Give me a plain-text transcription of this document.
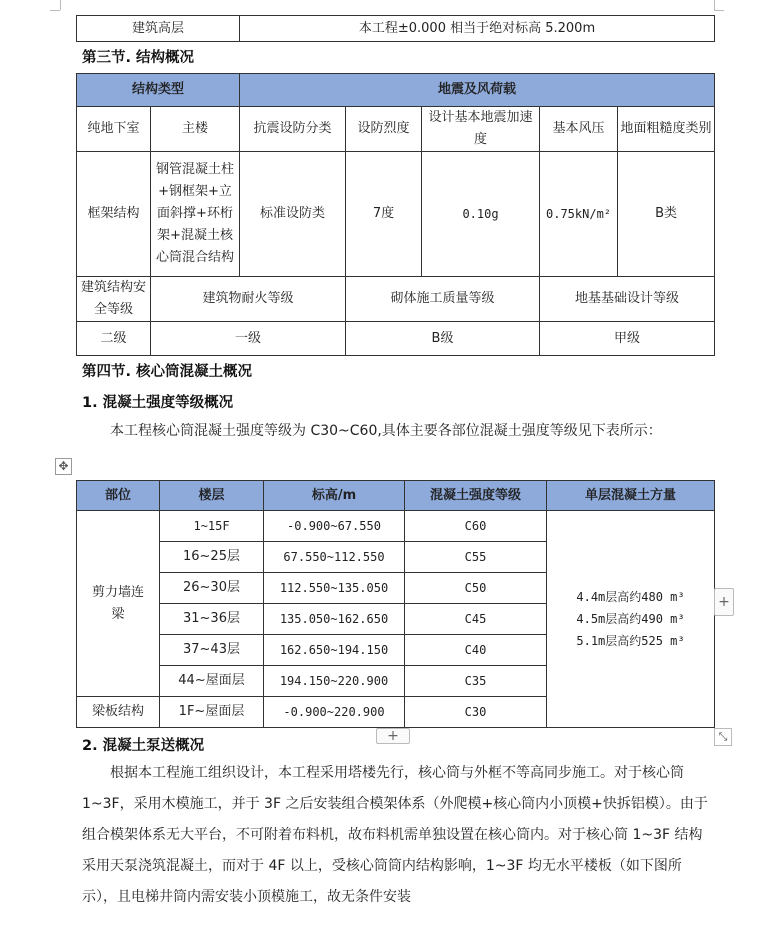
建筑高层	本工程±0.000 相当于绝对标高 5.200m
第三节. 结构概况
结构类型		地震及风荷载				
纯地下室	主楼	抗震设防分类	设防烈度	设计基本地震加速度	基本风压	地面粗糙度类别
框架结构	钢管混凝土柱+钢框架+立面斜撑+环桁架+混凝土核心筒混合结构	标准设防类	7度	0.10g	0.75kN/m²	B类
建筑结构安全等级	建筑物耐火等级		砌体施工质量等级		地基基础设计等级	
二级	一级		B级		甲级	
第四节. 核心筒混凝土概况
1. 混凝土强度等级概况
本工程核心筒混凝土强度等级为 C30~C60,具体主要各部位混凝土强度等级见下表所示：
✥
部位	楼层	标高/m	混凝土强度等级	单层混凝土方量
剪力墙连梁	1~15F	-0.900~67.550	C60	4.4m层高约480 m³
4.5m层高约490 m³
5.1m层高约525 m³

	16~25层	67.550~112.550	C55	
	26~30层	112.550~135.050	C50	
	31~36层	135.050~162.650	C45	
	37~43层	162.650~194.150	C40	
	44~屋面层	194.150~220.900	C35	
梁板结构	1F~屋面层	-0.900~220.900	C30	
+
+	⤡
2. 混凝土泵送概况
根据本工程施工组织设计，本工程采用塔楼先行，核心筒与外框不等高同步施工。对于核心筒 1~3F，采用木模施工，并于 3F 之后安装组合模架体系（外爬模+核心筒内小顶模+快拆铝模）。由于组合模架体系无大平台，不可附着布料机，故布料机需单独设置在核心筒内。对于核心筒 1~3F 结构采用天泵浇筑混凝土，而对于 4F 以上，受核心筒筒内结构影响，1~3F 均无水平楼板（如下图所示），且电梯井筒内需安装小顶模施工，故无条件安装
